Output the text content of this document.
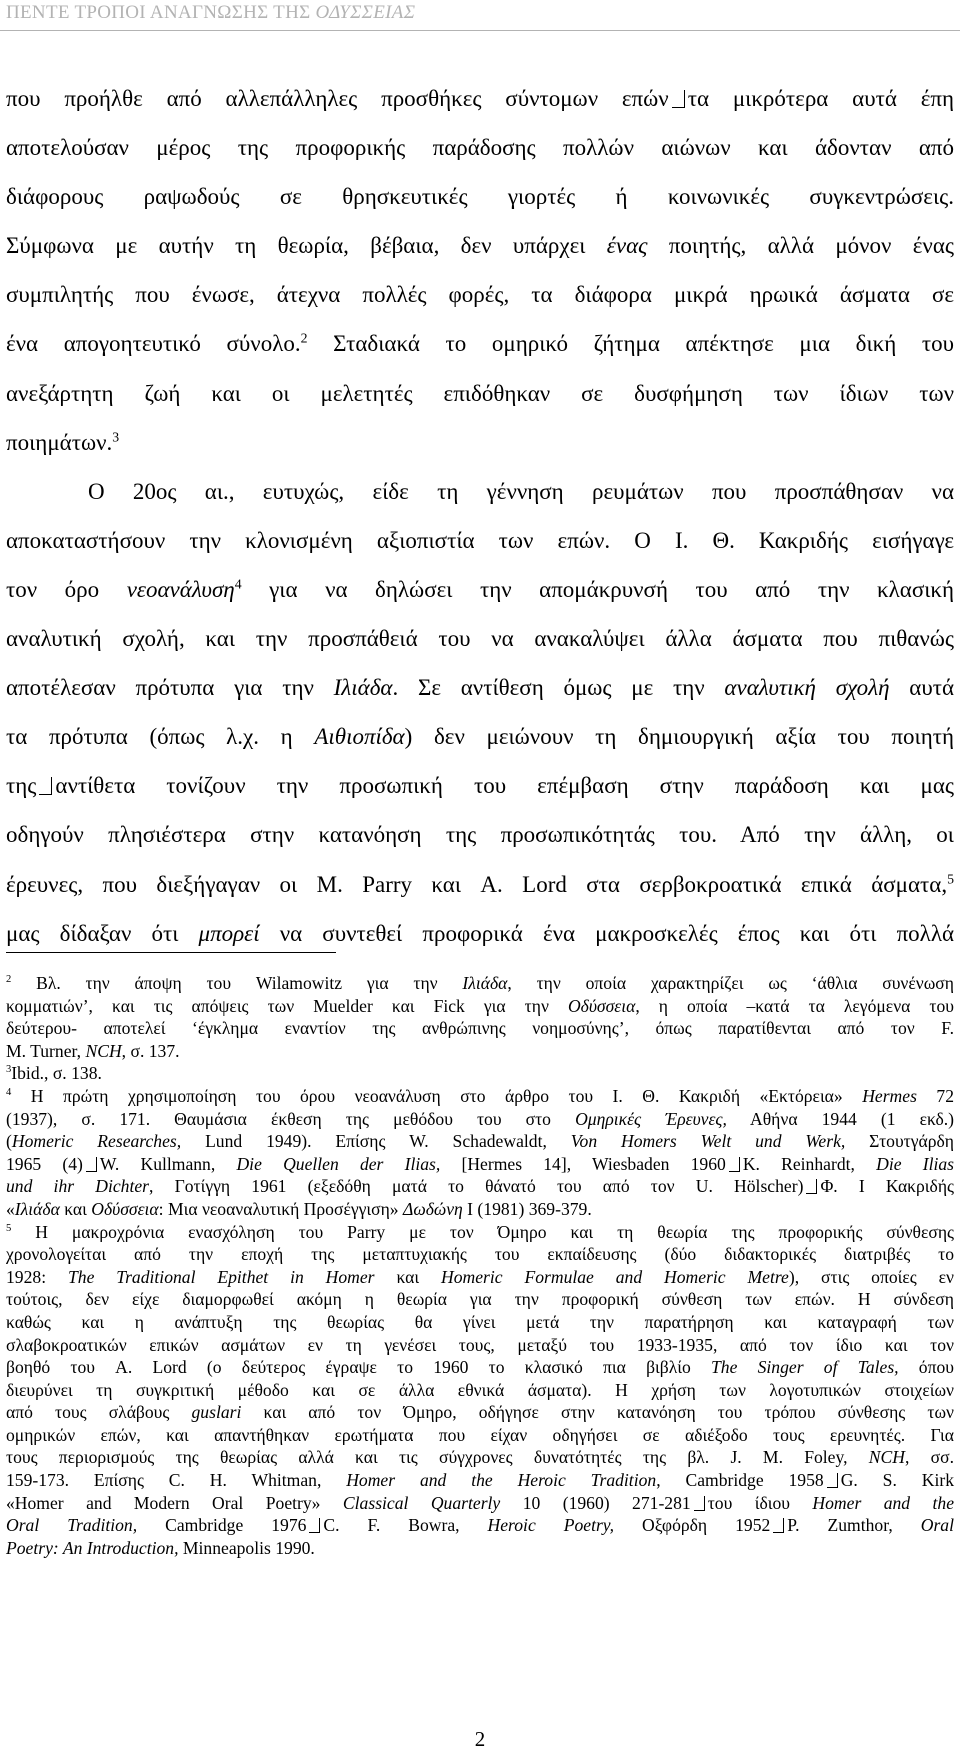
ΠΕΝΤΕ ΤΡΟΠΟΙ ΑΝΑΓΝΩΣΗΣ ΤΗΣ ΟΔΥΣΣΕΙΑΣ
που προήλθε από αλλεπάλληλες προσθήκες σύντομων επών τα μικρότερα αυτά έπη
αποτελούσαν μέρος της προφορικής παράδοσης πολλών αιώνων και άδονταν από
διάφορους ραψωδούς σε θρησκευτικές γιορτές ή κοινωνικές συγκεντρώσεις.
Σύμφωνα με αυτήν τη θεωρία, βέβαια, δεν υπάρχει ένας ποιητής, αλλά μόνον ένας
συμπιλητής που ένωσε, άτεχνα πολλές φορές, τα διάφορα μικρά ηρωικά άσματα σε
ένα απογοητευτικό σύνολο.$^2$ Σταδιακά το ομηρικό ζήτημα απέκτησε μια δική του
ανεξάρτητη ζωή και οι μελετητές επιδόθηκαν σε δυσφήμηση των ίδιων των
ποιημάτων.$^3$
Ο 20ος αι., ευτυχώς, είδε τη γέννηση ρευμάτων που προσπάθησαν να
αποκαταστήσουν την κλονισμένη αξιοπιστία των επών. Ο Ι. Θ. Κακριδής εισήγαγε
τον όρο νεοανάλυση$^4$ για να δηλώσει την απομάκρυνσή του από την κλασική
αναλυτική σχολή, και την προσπάθειά του να ανακαλύψει άλλα άσματα που πιθανώς
αποτέλεσαν πρότυπα για την Ιλιάδα. Σε αντίθεση όμως με την αναλυτική σχολή αυτά
τα πρότυπα (όπως λ.χ. η Αιθιοπίδα) δεν μειώνουν τη δημιουργική αξία του ποιητή
της αντίθετα τονίζουν την προσωπική του επέμβαση στην παράδοση και μας
οδηγούν πλησιέστερα στην κατανόηση της προσωπικότητάς του. Από την άλλη, οι
έρευνες, που διεξήγαγαν οι M. Parry και A. Lord στα σερβοκροατικά επικά άσματα,$^5$
μας δίδαξαν ότι μπορεί να συντεθεί προφορικά ένα μακροσκελές έπος και ότι πολλά
$^2$ Βλ. την άποψη του Wilamowitz για την Ιλιάδα, την οποία χαρακτηρίζει ως ‘άθλια συνένωση
κομματιών’, και τις απόψεις των Muelder και Fick για την Οδύσσεια, η οποία –κατά τα λεγόμενα του
δεύτερου- αποτελεί ‘έγκλημα εναντίον της ανθρώπινης νοημοσύνης’, όπως παρατίθενται από τον F.
M. Turner, NCH, σ. 137.
$^3$Ibid., σ. 138.
$^4$ Η πρώτη χρησιμοποίηση του όρου νεοανάλυση στο άρθρο του Ι. Θ. Κακριδή «Εκτόρεια» Hermes 72
(1937), σ. 171. Θαυμάσια έκθεση της μεθόδου του στο Ομηρικές Έρευνες, Αθήνα 1944 (1 εκδ.)
(Homeric Researches, Lund 1949). Επίσης W. Schadewaldt, Von Homers Welt und Werk, Στουτγάρδη
1965 (4) W. Kullmann, Die Quellen der Ilias, [Hermes 14], Wiesbaden 1960 K. Reinhardt, Die Ilias
und ihr Dichter, Γοτίγγη 1961 (εξεδόθη ματά το θάνατό του από τον U. Hölscher) Φ. Ι Κακριδής
«Ιλιάδα και Οδύσσεια: Μια νεοαναλυτική Προσέγγιση» Δωδώνη Ι (1981) 369-379.
$^5$ Η μακροχρόνια ενασχόληση του Parry με τον Όμηρο και τη θεωρία της προφορικής σύνθεσης
χρονολογείται από την εποχή της μεταπτυχιακής του εκπαίδευσης (δύο διδακτορικές διατριβές το
1928: The Traditional Epithet in Homer και Homeric Formulae and Homeric Metre), στις οποίες εν
τούτοις, δεν είχε διαμορφωθεί ακόμη η θεωρία για την προφορική σύνθεση των επών. Η σύνδεση
καθώς και η ανάπτυξη της θεωρίας θα γίνει μετά την παρατήρηση και καταγραφή των
σλαβοκροατικών επικών ασμάτων εν τη γενέσει τους, μεταξύ του 1933-1935, από τον ίδιο και τον
βοηθό του A. Lord (ο δεύτερος έγραψε το 1960 το κλασικό πια βιβλίο The Singer of Tales, όπου
διευρύνει τη συγκριτική μέθοδο και σε άλλα εθνικά άσματα). Η χρήση των λογοτυπικών στοιχείων
από τους σλάβους guslari και από τον Όμηρο, οδήγησε στην κατανόηση του τρόπου σύνθεσης των
ομηρικών επών, και απαντήθηκαν ερωτήματα που είχαν οδηγήσει σε αδιέξοδο τους ερευνητές. Για
τους περιορισμούς της θεωρίας αλλά και τις σύγχρονες δυνατότητές της βλ. J. M. Foley, NCH, σσ.
159-173. Επίσης C. H. Whitman, Homer and the Heroic Tradition, Cambridge 1958 G. S. Kirk
«Homer and Modern Oral Poetry» Classical Quarterly 10 (1960) 271-281 του ίδιου Homer and the
Oral Tradition, Cambridge 1976 C. F. Bowra, Heroic Poetry, Οξφόρδη 1952 P. Zumthor, Oral
Poetry: An Introduction, Minneapolis 1990.
2
